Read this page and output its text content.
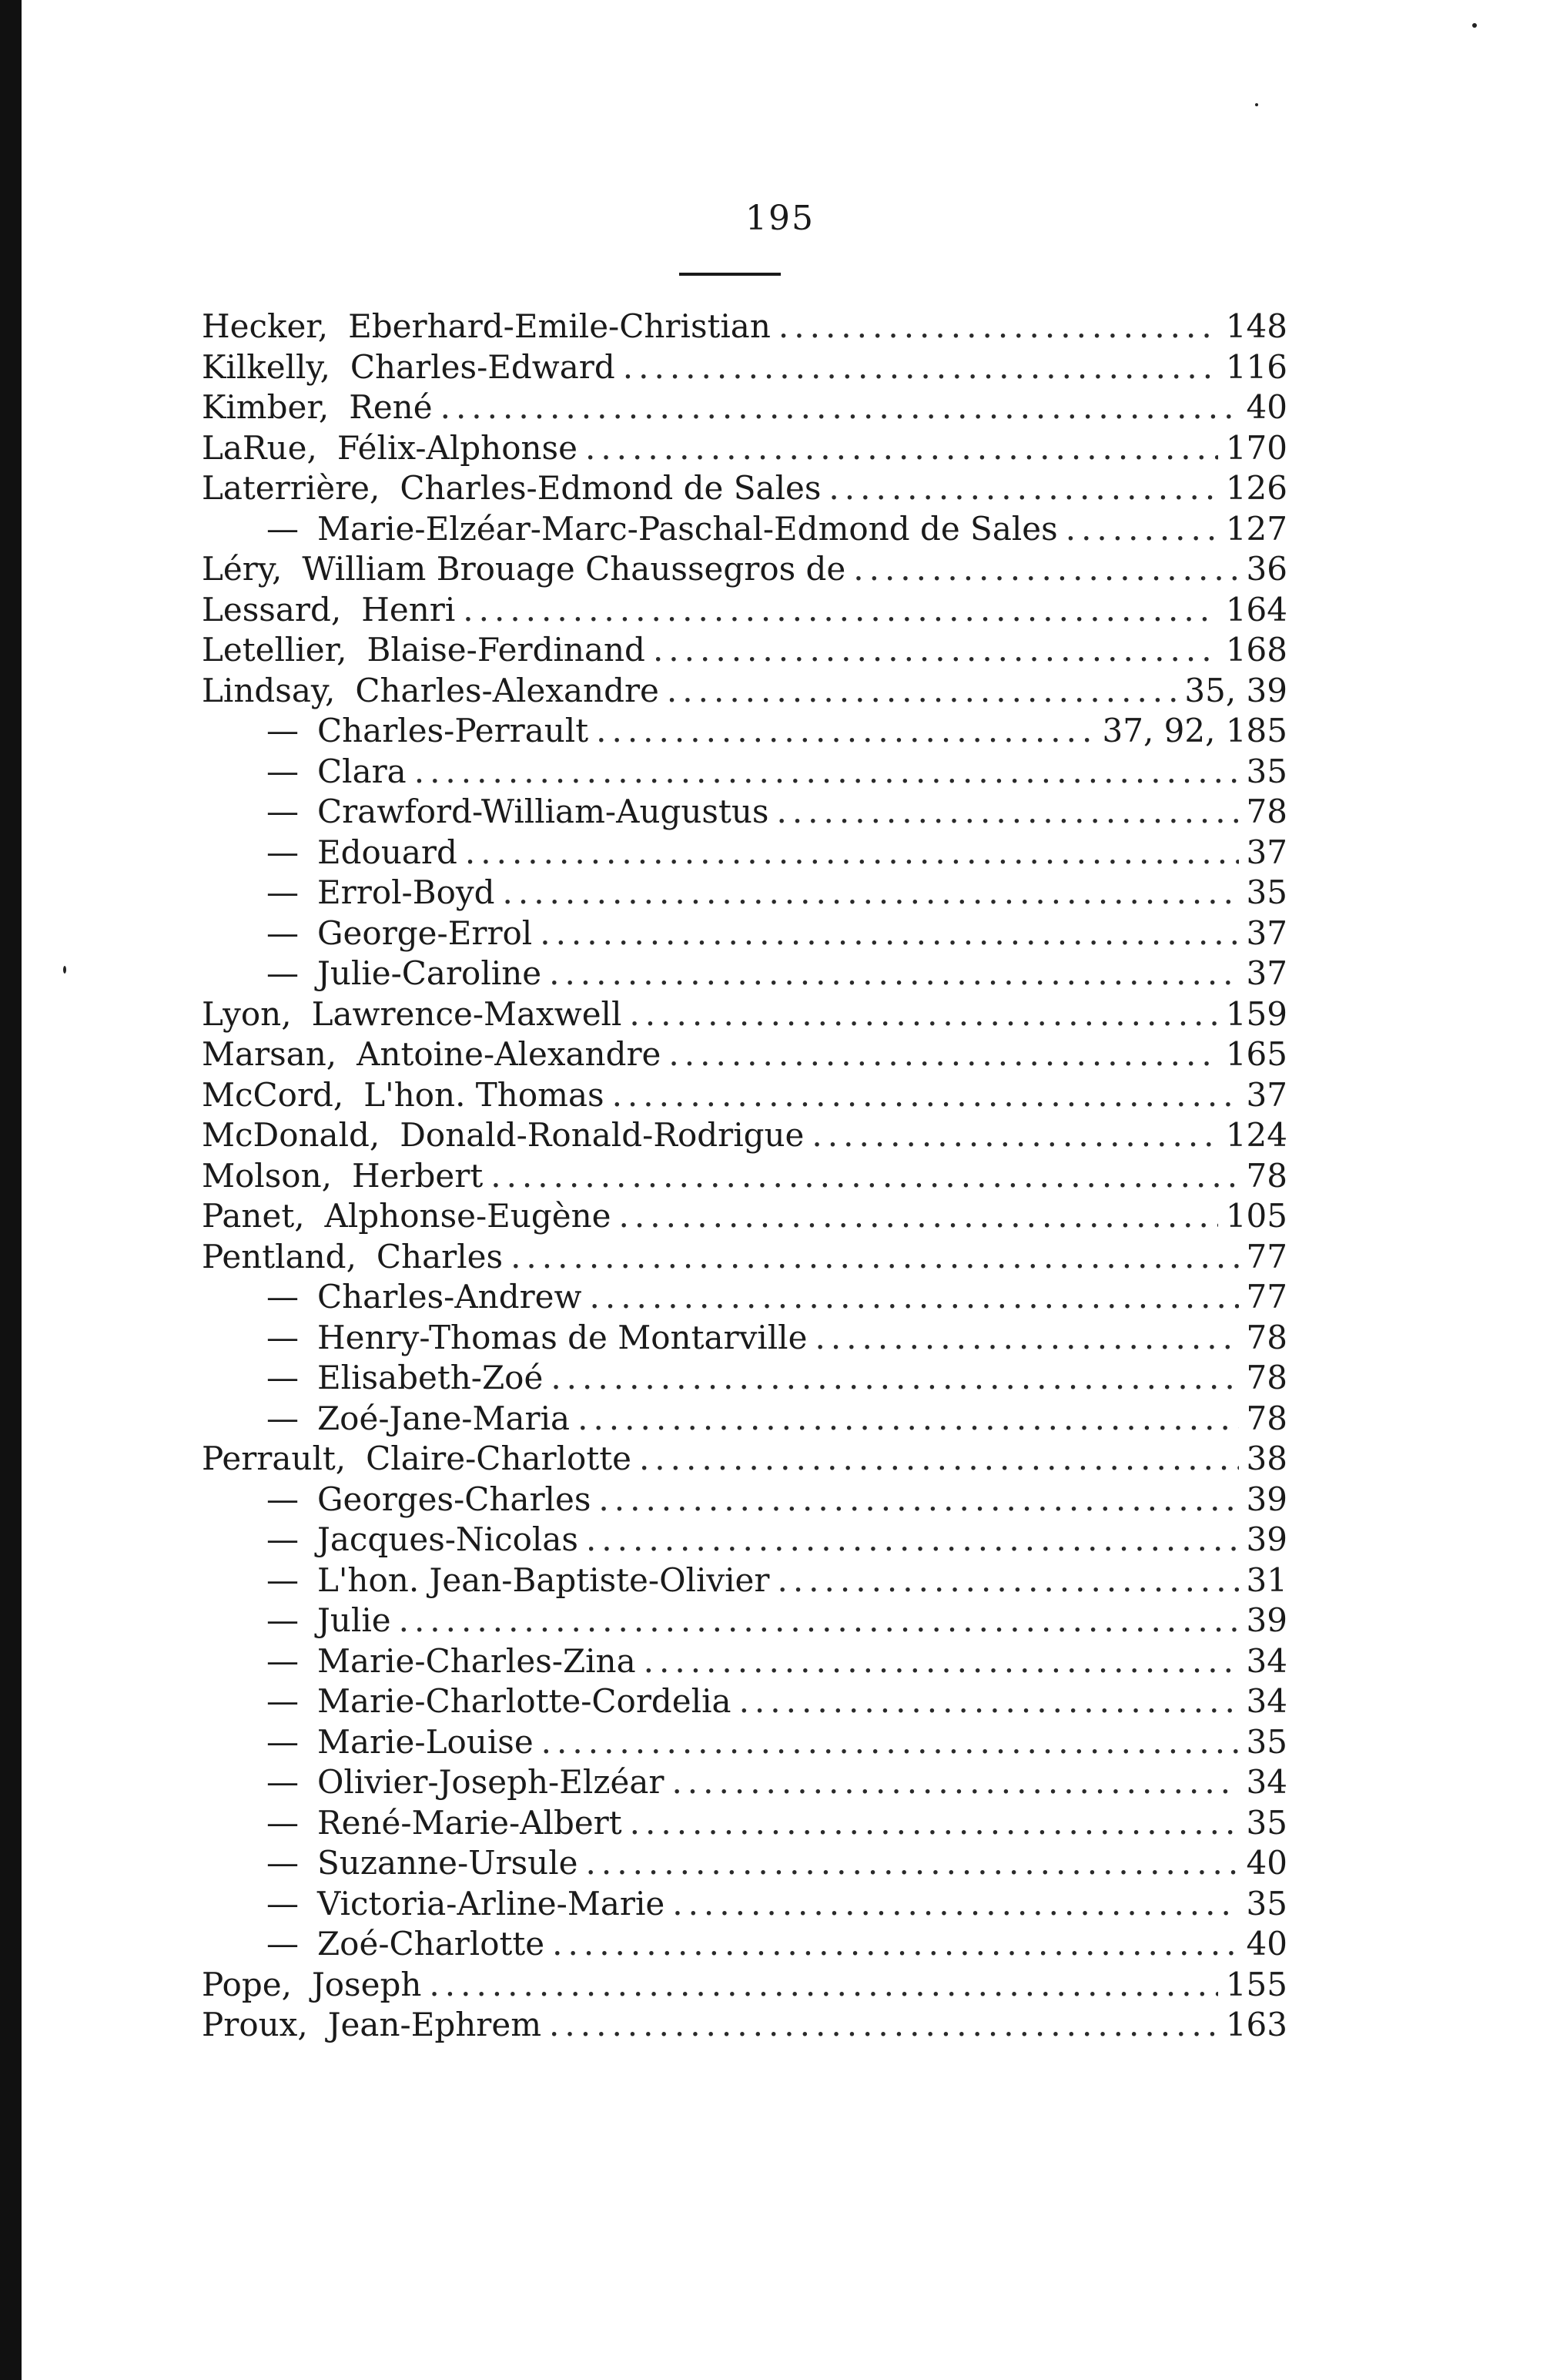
195
Hecker, Eberhard-Emile-Christian .....	148
Kilkelly, Charles-Edward .....	116
Kimber, René .....	40
LaRue, Félix-Alphonse .....	170
Laterrière, Charles-Edmond de Sales .....	126
— Marie-Elzéar-Marc-Paschal-Edmond de Sales .....	127
Léry, William Brouage Chaussegros de .....	36
Lessard, Henri .....	164
Letellier, Blaise-Ferdinand .....	168
Lindsay, Charles-Alexandre .....	35, 39
— Charles-Perrault .....	37, 92, 185
— Clara .....	35
— Crawford-William-Augustus .....	78
— Edouard .....	37
— Errol-Boyd .....	35
— George-Errol .....	37
— Julie-Caroline .....	37
Lyon, Lawrence-Maxwell .....	159
Marsan, Antoine-Alexandre .....	165
McCord, L'hon. Thomas .....	37
McDonald, Donald-Ronald-Rodrigue .....	124
Molson, Herbert .....	78
Panet, Alphonse-Eugène .....	105
Pentland, Charles .....	77
— Charles-Andrew .....	77
— Henry-Thomas de Montarville .....	78
— Elisabeth-Zoé .....	78
— Zoé-Jane-Maria .....	78
Perrault, Claire-Charlotte .....	38
— Georges-Charles .....	39
— Jacques-Nicolas .....	39
— L'hon. Jean-Baptiste-Olivier .....	31
— Julie .....	39
— Marie-Charles-Zina .....	34
— Marie-Charlotte-Cordelia .....	34
— Marie-Louise .....	35
— Olivier-Joseph-Elzéar .....	34
— René-Marie-Albert .....	35
— Suzanne-Ursule .....	40
— Victoria-Arline-Marie .....	35
— Zoé-Charlotte .....	40
Pope, Joseph .....	155
Proux, Jean-Ephrem .....	163
